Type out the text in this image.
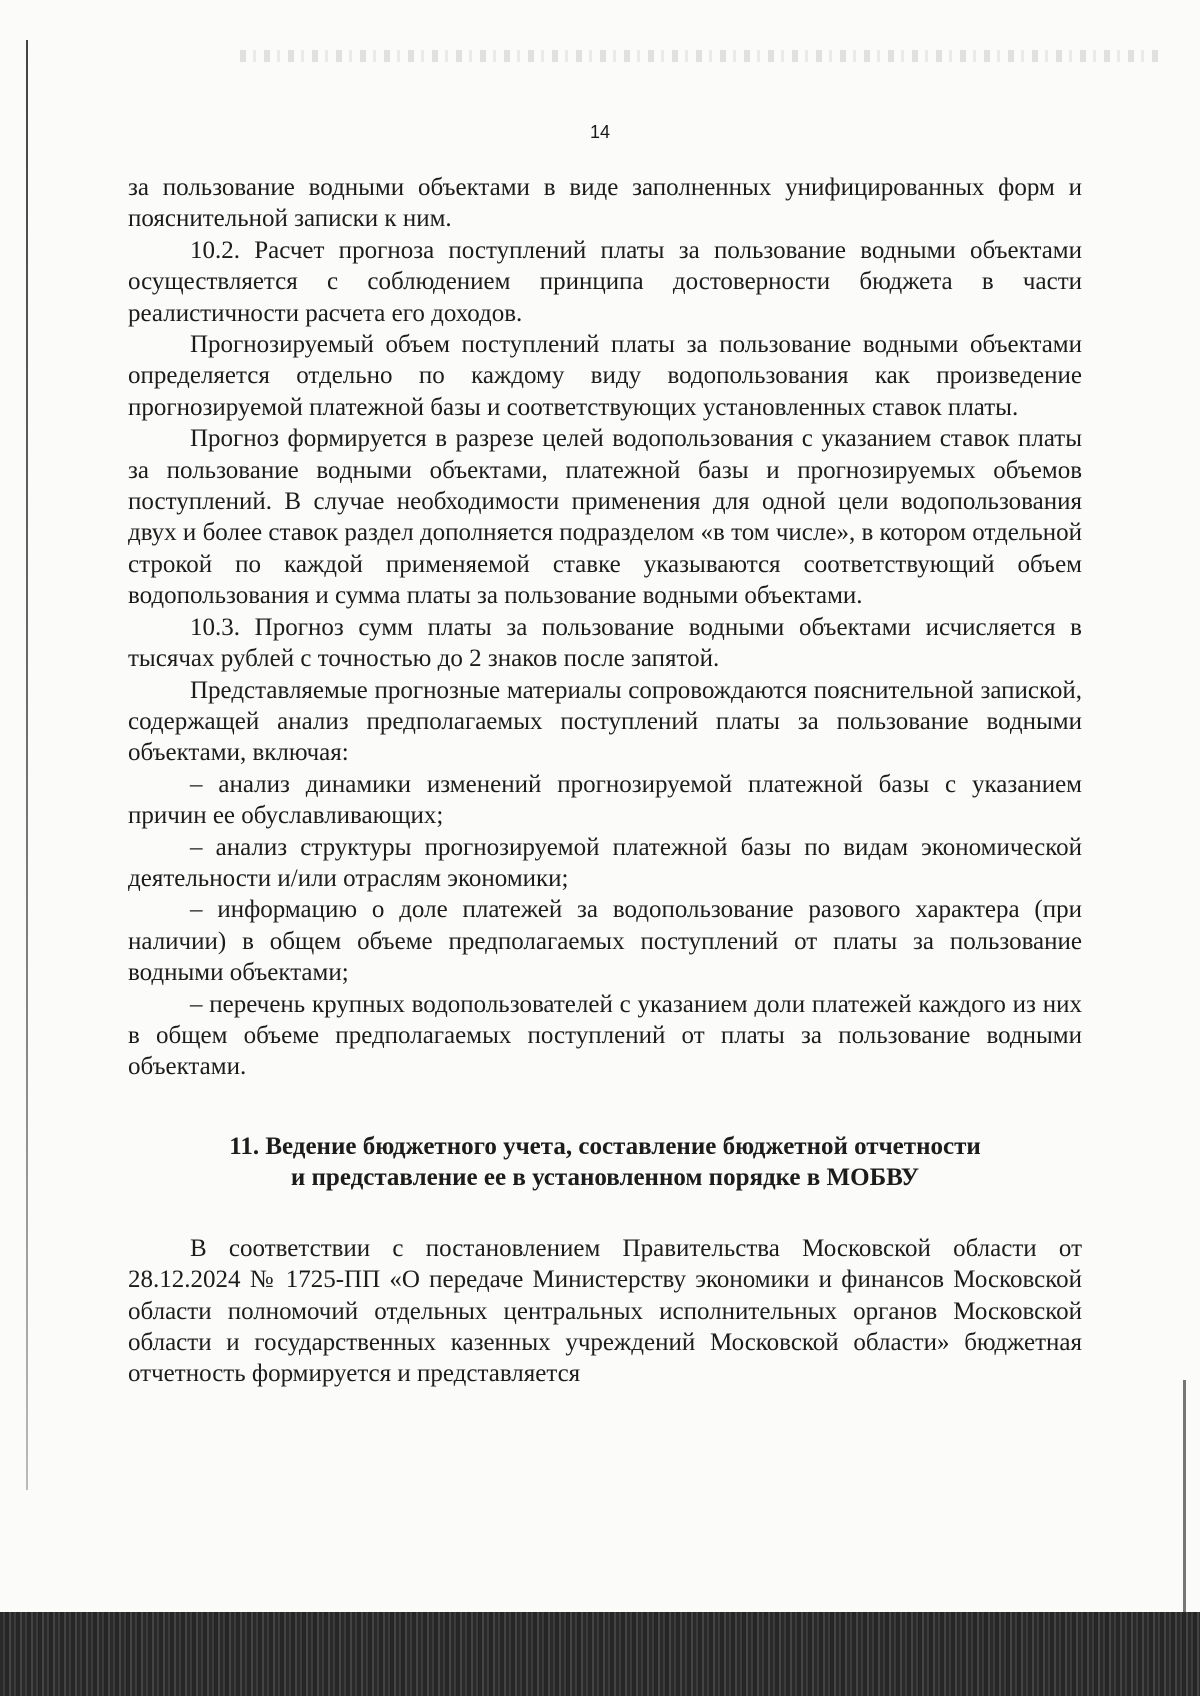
14

за пользование водными объектами в виде заполненных унифицированных форм и пояснительной записки к ним.

10.2. Расчет прогноза поступлений платы за пользование водными объектами осуществляется с соблюдением принципа достоверности бюджета в части реалистичности расчета его доходов.

Прогнозируемый объем поступлений платы за пользование водными объектами определяется отдельно по каждому виду водопользования как произведение прогнозируемой платежной базы и соответствующих установленных ставок платы.

Прогноз формируется в разрезе целей водопользования с указанием ставок платы за пользование водными объектами, платежной базы и прогнозируемых объемов поступлений. В случае необходимости применения для одной цели водопользования двух и более ставок раздел дополняется подразделом «в том числе», в котором отдельной строкой по каждой применяемой ставке указываются соответствующий объем водопользования и сумма платы за пользование водными объектами.

10.3. Прогноз сумм платы за пользование водными объектами исчисляется в тысячах рублей с точностью до 2 знаков после запятой.

Представляемые прогнозные материалы сопровождаются пояснительной запиской, содержащей анализ предполагаемых поступлений платы за пользование водными объектами, включая:

– анализ динамики изменений прогнозируемой платежной базы с указанием причин ее обуславливающих;

– анализ структуры прогнозируемой платежной базы по видам экономической деятельности и/или отраслям экономики;

– информацию о доле платежей за водопользование разового характера (при наличии) в общем объеме предполагаемых поступлений от платы за пользование водными объектами;

– перечень крупных водопользователей с указанием доли платежей каждого из них в общем объеме предполагаемых поступлений от платы за пользование водными объектами.

11. Ведение бюджетного учета, составление бюджетной отчетности
и представление ее в установленном порядке в МОБВУ

В соответствии с постановлением Правительства Московской области от 28.12.2024 № 1725-ПП «О передаче Министерству экономики и финансов Московской области полномочий отдельных центральных исполнительных органов Московской области и государственных казенных учреждений Московской области» бюджетная отчетность формируется и представляется
